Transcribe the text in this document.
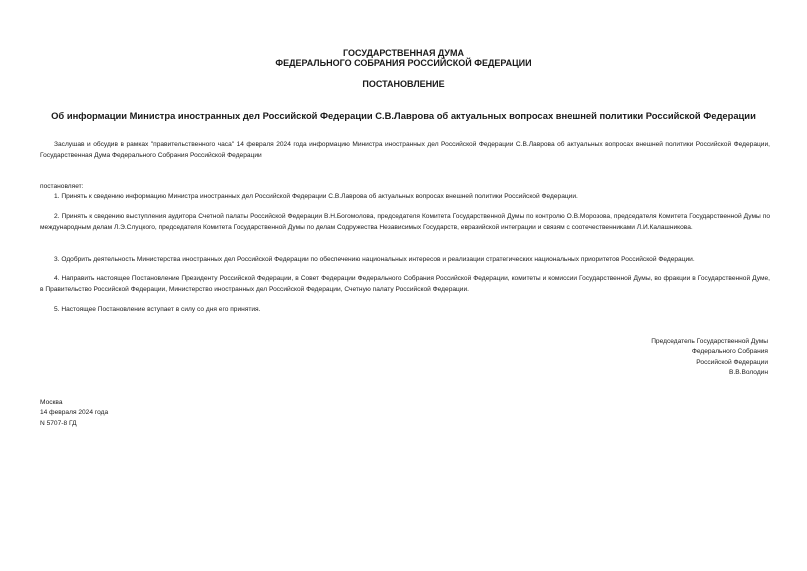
ГОСУДАРСТВЕННАЯ ДУМА
ФЕДЕРАЛЬНОГО СОБРАНИЯ РОССИЙСКОЙ ФЕДЕРАЦИИ
ПОСТАНОВЛЕНИЕ
Об информации Министра иностранных дел Российской Федерации С.В.Лаврова об актуальных вопросах внешней политики Российской Федерации

Заслушав и обсудив в рамках "правительственного часа" 14 февраля 2024 года информацию Министра иностранных дел Российской Федерации С.В.Лаврова об актуальных вопросах внешней политики Российской Федерации, Государственная Дума Федерального Собрания Российской Федерации

постановляет:

1. Принять к сведению информацию Министра иностранных дел Российской Федерации С.В.Лаврова об актуальных вопросах внешней политики Российской Федерации.

2. Принять к сведению выступления аудитора Счетной палаты Российской Федерации В.Н.Богомолова, председателя Комитета Государственной Думы по контролю О.В.Морозова, председателя Комитета Государственной Думы по международным делам Л.Э.Слуцкого, председателя Комитета Государственной Думы по делам Содружества Независимых Государств, евразийской интеграции и связям с соотечественниками Л.И.Калашникова.

3. Одобрить деятельность Министерства иностранных дел Российской Федерации по обеспечению национальных интересов и реализации стратегических национальных приоритетов Российской Федерации.

4. Направить настоящее Постановление Президенту Российской Федерации, в Совет Федерации Федерального Собрания Российской Федерации, комитеты и комиссии Государственной Думы, во фракции в Государственной Думе, в Правительство Российской Федерации, Министерство иностранных дел Российской Федерации, Счетную палату Российской Федерации.

5. Настоящее Постановление вступает в силу со дня его принятия.

Председатель Государственной Думы
Федерального Собрания
Российской Федерации
В.В.Володин
Москва
14 февраля 2024 года
N 5707-8 ГД
